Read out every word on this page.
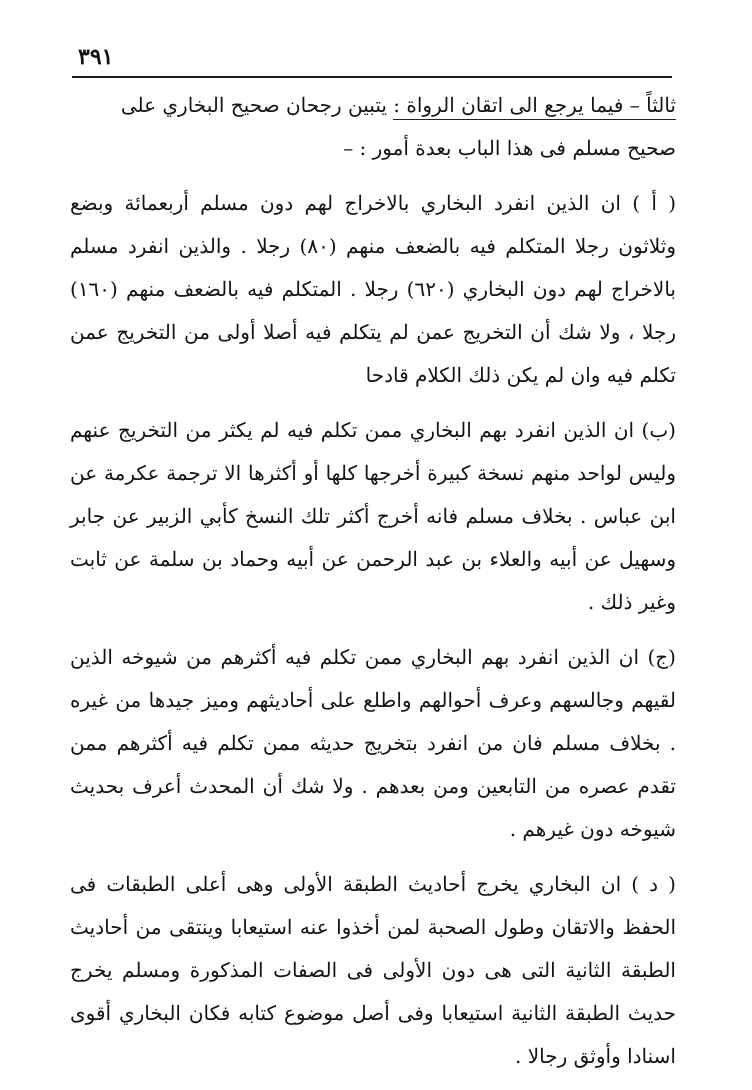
٣٩١

ثالثاً – فيما يرجع الى اتقان الرواة : يتبين رجحان صحيح البخاري على صحيح مسلم فى هذا الباب بعدة أمور : –

( أ ) ان الذين انفرد البخاري بالاخراج لهم دون مسلم أربعمائة وبضع وثلاثون رجلا المتكلم فيه بالضعف منهم (٨٠) رجلا . والذين انفرد مسلم بالاخراج لهم دون البخاري (٦٢٠) رجلا . المتكلم فيه بالضعف منهم (١٦٠) رجلا ، ولا شك أن التخريج عمن لم يتكلم فيه أصلا أولى من التخريج عمن تكلم فيه وان لم يكن ذلك الكلام قادحا

(ب) ان الذين انفرد بهم البخاري ممن تكلم فيه لم يكثر من التخريج عنهم وليس لواحد منهم نسخة كبيرة أخرجها كلها أو أكثرها الا ترجمة عكرمة عن ابن عباس . بخلاف مسلم فانه أخرج أكثر تلك النسخ كأبي الزبير عن جابر وسهيل عن أبيه والعلاء بن عبد الرحمن عن أبيه وحماد بن سلمة عن ثابت وغير ذلك .

(ج) ان الذين انفرد بهم البخاري ممن تكلم فيه أكثرهم من شيوخه الذين لقيهم وجالسهم وعرف أحوالهم واطلع على أحاديثهم وميز جيدها من غيره . بخلاف مسلم فان من انفرد بتخريج حديثه ممن تكلم فيه أكثرهم ممن تقدم عصره من التابعين ومن بعدهم . ولا شك أن المحدث أعرف بحديث شيوخه دون غيرهم .

( د ) ان البخاري يخرج أحاديث الطبقة الأولى وهى أعلى الطبقات فى الحفظ والاتقان وطول الصحبة لمن أخذوا عنه استيعابا وينتقى من أحاديث الطبقة الثانية التى هى دون الأولى فى الصفات المذكورة ومسلم يخرج حديث الطبقة الثانية استيعابا وفى أصل موضوع كتابه فكان البخاري أقوى اسنادا وأوثق رجالا .
